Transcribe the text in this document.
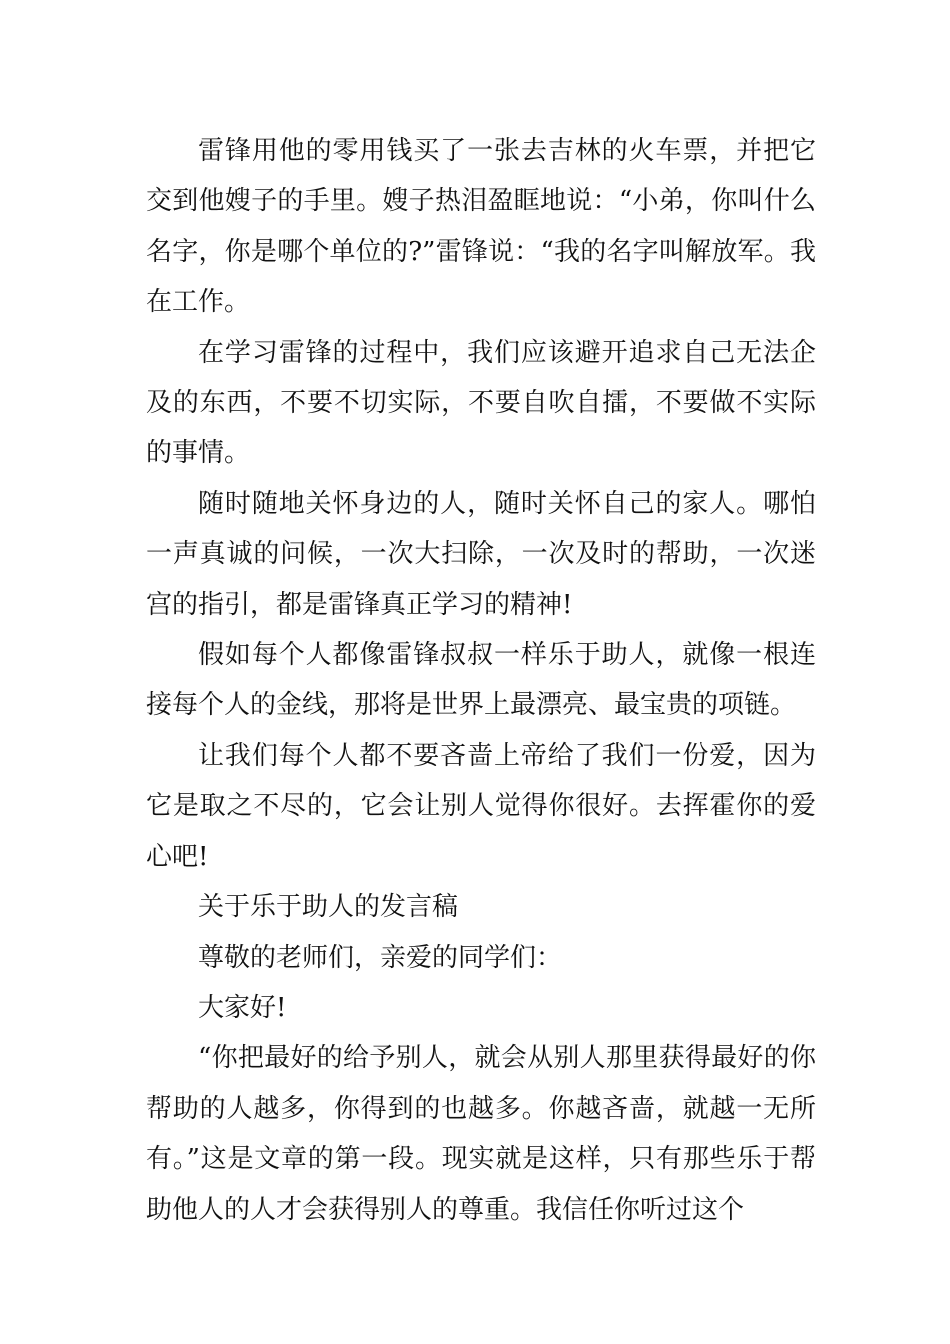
雷锋用他的零用钱买了一张去吉林的火车票，并把它交到他嫂子的手里。嫂子热泪盈眶地说：“小弟，你叫什么名字，你是哪个单位的?”雷锋说：“我的名字叫解放军。我在工作。

在学习雷锋的过程中，我们应该避开追求自己无法企及的东西，不要不切实际，不要自吹自擂，不要做不实际的事情。

随时随地关怀身边的人，随时关怀自己的家人。哪怕一声真诚的问候，一次大扫除，一次及时的帮助，一次迷宫的指引，都是雷锋真正学习的精神!

假如每个人都像雷锋叔叔一样乐于助人，就像一根连接每个人的金线，那将是世界上最漂亮、最宝贵的项链。

让我们每个人都不要吝啬上帝给了我们一份爱，因为它是取之不尽的，它会让别人觉得你很好。去挥霍你的爱心吧!

关于乐于助人的发言稿

尊敬的老师们，亲爱的同学们：

大家好!

“你把最好的给予别人，就会从别人那里获得最好的你帮助的人越多，你得到的也越多。你越吝啬，就越一无所有。”这是文章的第一段。现实就是这样，只有那些乐于帮助他人的人才会获得别人的尊重。我信任你听过这个
